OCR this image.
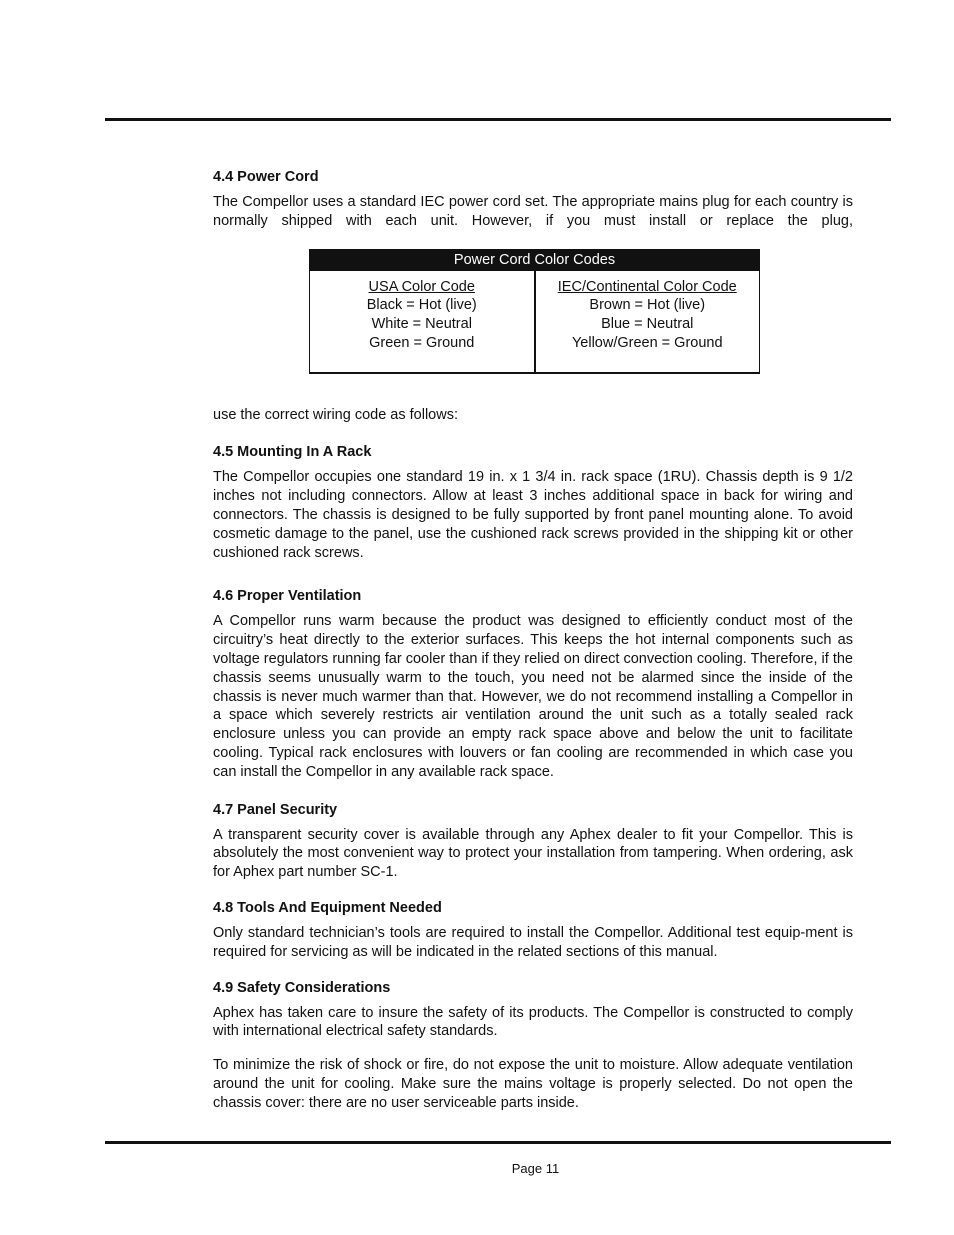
4.4 Power Cord

The Compellor uses a standard IEC power cord set. The appropriate mains plug for each country is normally shipped with each unit. However, if you must install or replace the plug,

Power Cord Color Codes
USA Color Code
Black = Hot (live)
White = Neutral
Green = Ground
IEC/Continental Color Code
Brown = Hot (live)
Blue = Neutral
Yellow/Green = Ground

use the correct wiring code as follows:

4.5 Mounting In A Rack

The Compellor occupies one standard 19 in. x 1 3/4 in. rack space (1RU). Chassis depth is 9 1/2 inches not including connectors. Allow at least 3 inches additional space in back for wiring and connectors. The chassis is designed to be fully supported by front panel mounting alone. To avoid cosmetic damage to the panel, use the cushioned rack screws provided in the shipping kit or other cushioned rack screws.

4.6 Proper Ventilation

A Compellor runs warm because the product was designed to efficiently conduct most of the circuitry’s heat directly to the exterior surfaces. This keeps the hot internal components such as voltage regulators running far cooler than if they relied on direct convection cooling. Therefore, if the chassis seems unusually warm to the touch, you need not be alarmed since the inside of the chassis is never much warmer than that. However, we do not recommend installing a Compellor in a space which severely restricts air ventilation around the unit such as a totally sealed rack enclosure unless you can provide an empty rack space above and below the unit to facilitate cooling. Typical rack enclosures with louvers or fan cooling are recommended in which case you can install the Compellor in any available rack space.

4.7 Panel Security

A transparent security cover is available through any Aphex dealer to fit your Compellor. This is absolutely the most convenient way to protect your installation from tampering. When ordering, ask for Aphex part number SC-1.

4.8 Tools And Equipment Needed

Only standard technician’s tools are required to install the Compellor. Additional test equip-ment is required for servicing as will be indicated in the related sections of this manual.

4.9 Safety Considerations

Aphex has taken care to insure the safety of its products. The Compellor is constructed to comply with international electrical safety standards.

To minimize the risk of shock or fire, do not expose the unit to moisture. Allow adequate ventilation around the unit for cooling. Make sure the mains voltage is properly selected. Do not open the chassis cover: there are no user serviceable parts inside.

Page 11
